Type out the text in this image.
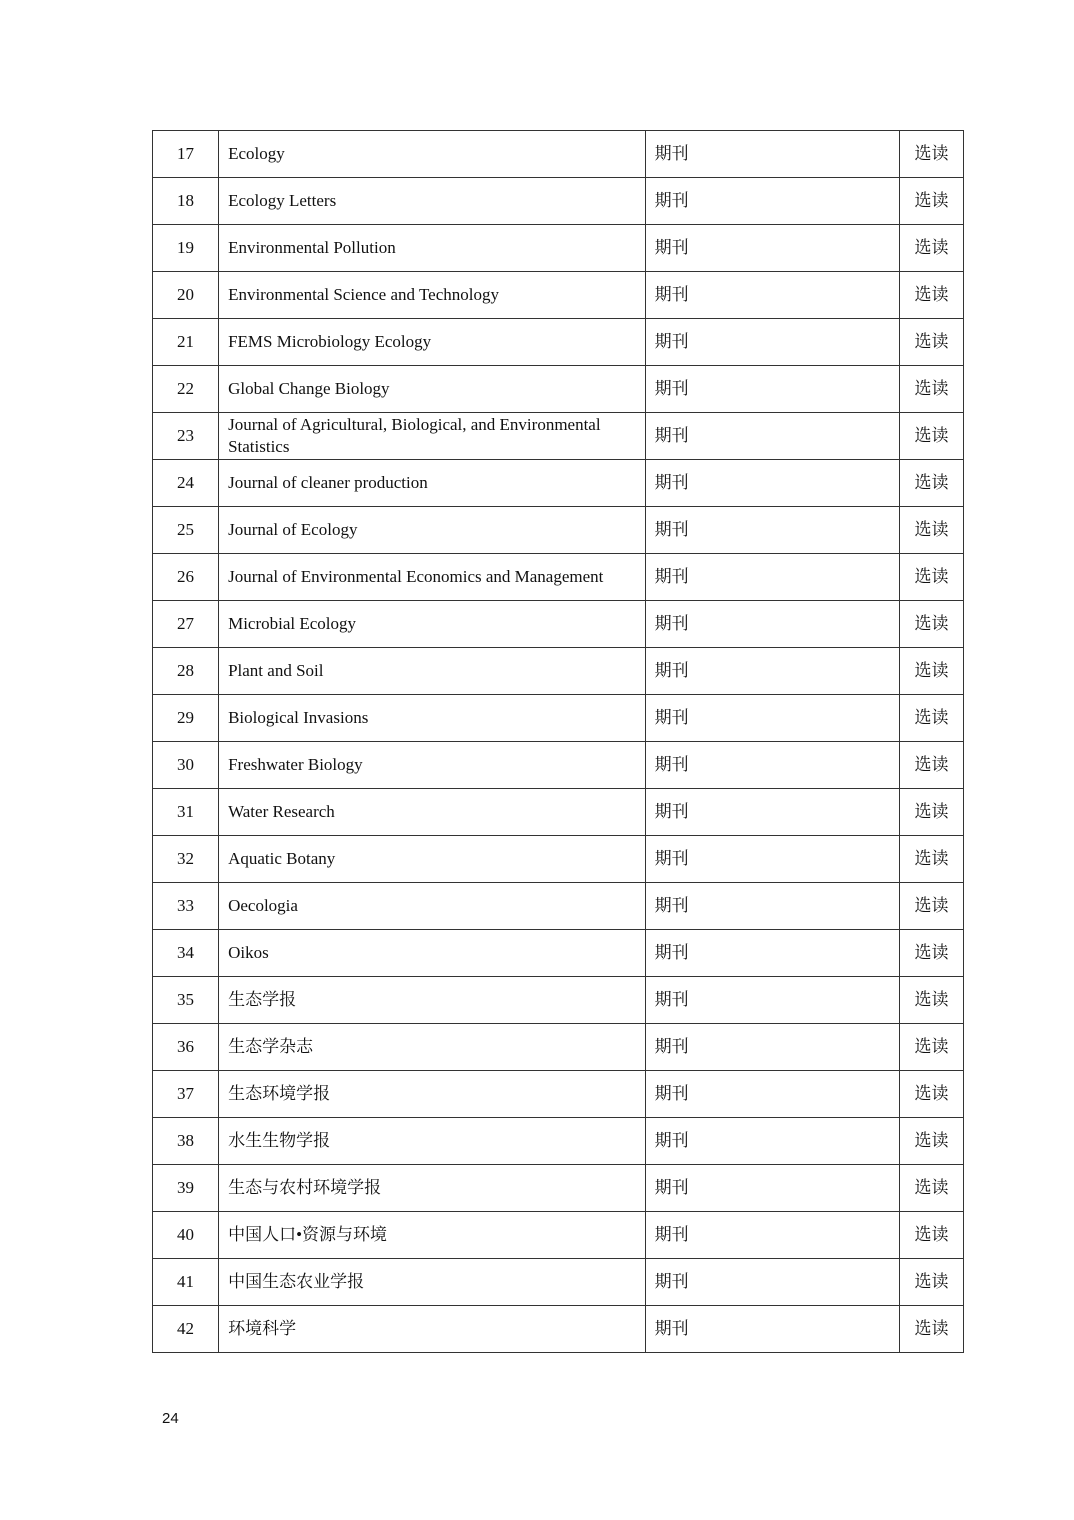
17	Ecology	期刊	选读
18	Ecology Letters	期刊	选读
19	Environmental Pollution	期刊	选读
20	Environmental Science and Technology	期刊	选读
21	FEMS Microbiology Ecology	期刊	选读
22	Global Change Biology	期刊	选读
23	Journal of Agricultural, Biological, and Environmental Statistics	期刊	选读
24	Journal of cleaner production	期刊	选读
25	Journal of Ecology	期刊	选读
26	Journal of Environmental Economics and Management	期刊	选读
27	Microbial Ecology	期刊	选读
28	Plant and Soil	期刊	选读
29	Biological Invasions	期刊	选读
30	Freshwater Biology	期刊	选读
31	Water Research	期刊	选读
32	Aquatic Botany	期刊	选读
33	Oecologia	期刊	选读
34	Oikos	期刊	选读
35	生态学报	期刊	选读
36	生态学杂志	期刊	选读
37	生态环境学报	期刊	选读
38	水生生物学报	期刊	选读
39	生态与农村环境学报	期刊	选读
40	中国人口•资源与环境	期刊	选读
41	中国生态农业学报	期刊	选读
42	环境科学	期刊	选读
24
